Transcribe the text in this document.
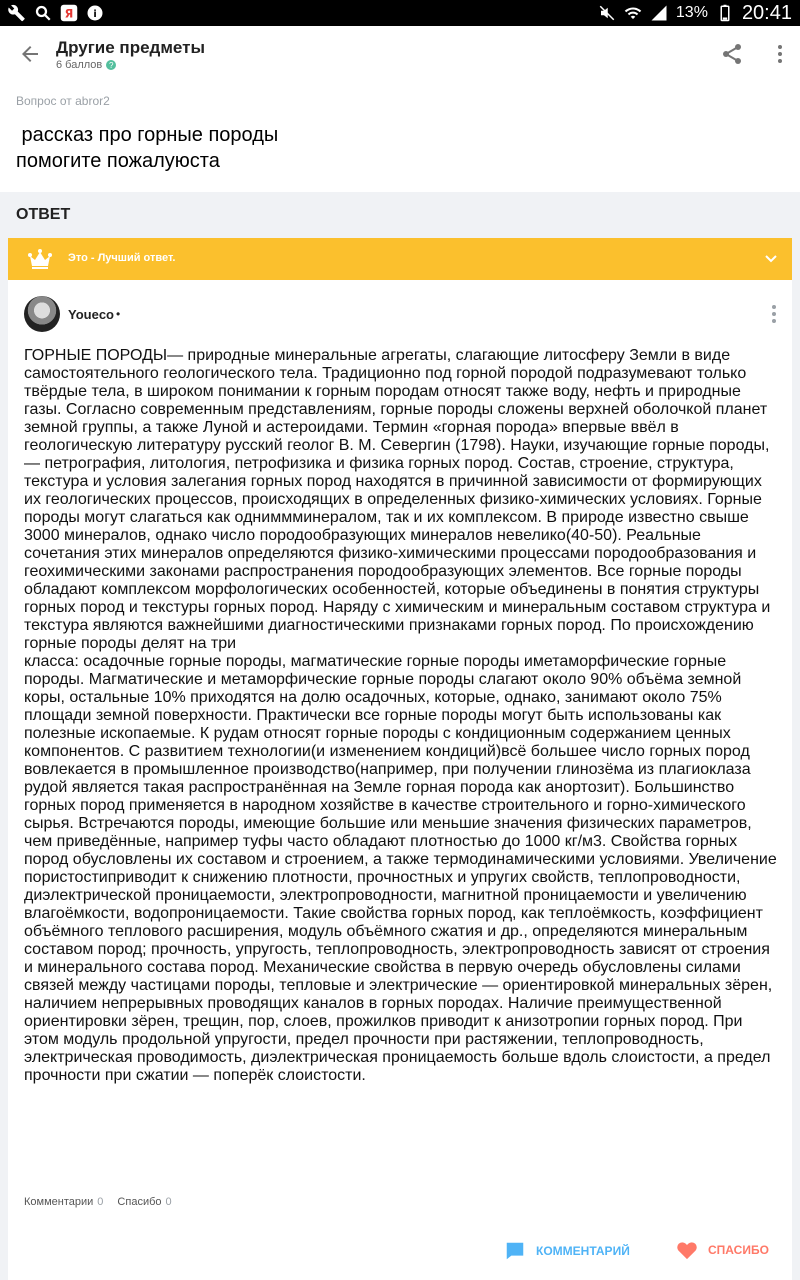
Я i	13% 20:41
Другие предметы
6 баллов ?
Вопрос от abror2
рассказ про горные породы
помогите пожалуюста
ОТВЕТ
Это - Лучший ответ.
Youeco •

ГОРНЫЕ ПОРОДЫ— природные минеральные агрегаты, слагающие литосферу Земли в виде самостоятельного геологического тела. Традиционно под горной породой подразумевают только твёрдые тела, в широком понимании к горным породам относят также воду, нефть и природные газы. Согласно современным представлениям, горные породы сложены верхней оболочкой планет земной группы, а также Луной и астероидами. Термин «горная порода» впервые ввёл в геологическую литературу русский геолог В. М. Севергин (1798). Науки, изучающие горные породы,
— петрография, литология, петрофизика и физика горных пород. Состав, строение, структура, текстура и условия залегания горных пород находятся в причинной зависимости от формирующих их геологических процессов, происходящих в определенных физико-химических условиях. Горные породы могут слагаться как одниммминералом, так и их комплексом. В природе известно свыше 3000 минералов, однако число породообразующих минералов невелико(40-50). Реальные сочетания этих минералов определяются физико-химическими процессами породообразования и геохимическими законами распространения породообразующих элементов. Все горные породы обладают комплексом морфологических особенностей, которые объединены в понятия структуры горных пород и текстуры горных пород. Наряду с химическим и минеральным составом структура и текстура являются важнейшими диагностическими признаками горных пород. По происхождению горные породы делят на три
класса: осадочные горные породы, магматические горные породы иметаморфические горные породы. Магматические и метаморфические горные породы слагают около 90% объёма земной коры, остальные 10% приходятся на долю осадочных, которые, однако, занимают около 75% площади земной поверхности. Практически все горные породы могут быть использованы как полезные ископаемые. К рудам относят горные породы с кондиционным содержанием ценных компонентов. С развитием технологии(и изменением кондиций)всё большее число горных пород вовлекается в промышленное производство(например, при получении глинозёма из плагиоклаза рудой является такая распространённая на Земле горная порода как анортозит). Большинство горных пород применяется в народном хозяйстве в качестве строительного и горно-химического сырья. Встречаются породы, имеющие большие или меньшие значения физических параметров, чем приведённые, например туфы часто обладают плотностью до 1000 кг/м3. Свойства горных пород обусловлены их составом и строением, а также термодинамическими условиями. Увеличение пористостиприводит к снижению плотности, прочностных и упругих свойств, теплопроводности, диэлектрической проницаемости, электропроводности, магнитной проницаемости и увеличению влагоёмкости, водопроницаемости. Такие свойства горных пород, как теплоёмкость, коэффициент объёмного теплового расширения, модуль объёмного сжатия и др., определяются минеральным составом пород; прочность, упругость, теплопроводность, электропроводность зависят от строения и минерального состава пород. Механические свойства в первую очередь обусловлены силами связей между частицами породы, тепловые и электрические — ориентировкой минеральных зёрен, наличием непрерывных проводящих каналов в горных породах. Наличие преимущественной ориентировки зёрен, трещин, пор, слоев, прожилков приводит к анизотропии горных пород. При этом модуль продольной упругости, предел прочности при растяжении, теплопроводность, электрическая проводимость, диэлектрическая проницаемость больше вдоль слоистости, а предел прочности при сжатии — поперёк слоистости.

Комментарии 0 Спасибо 0
КОММЕНТАРИЙ	СПАСИБО
